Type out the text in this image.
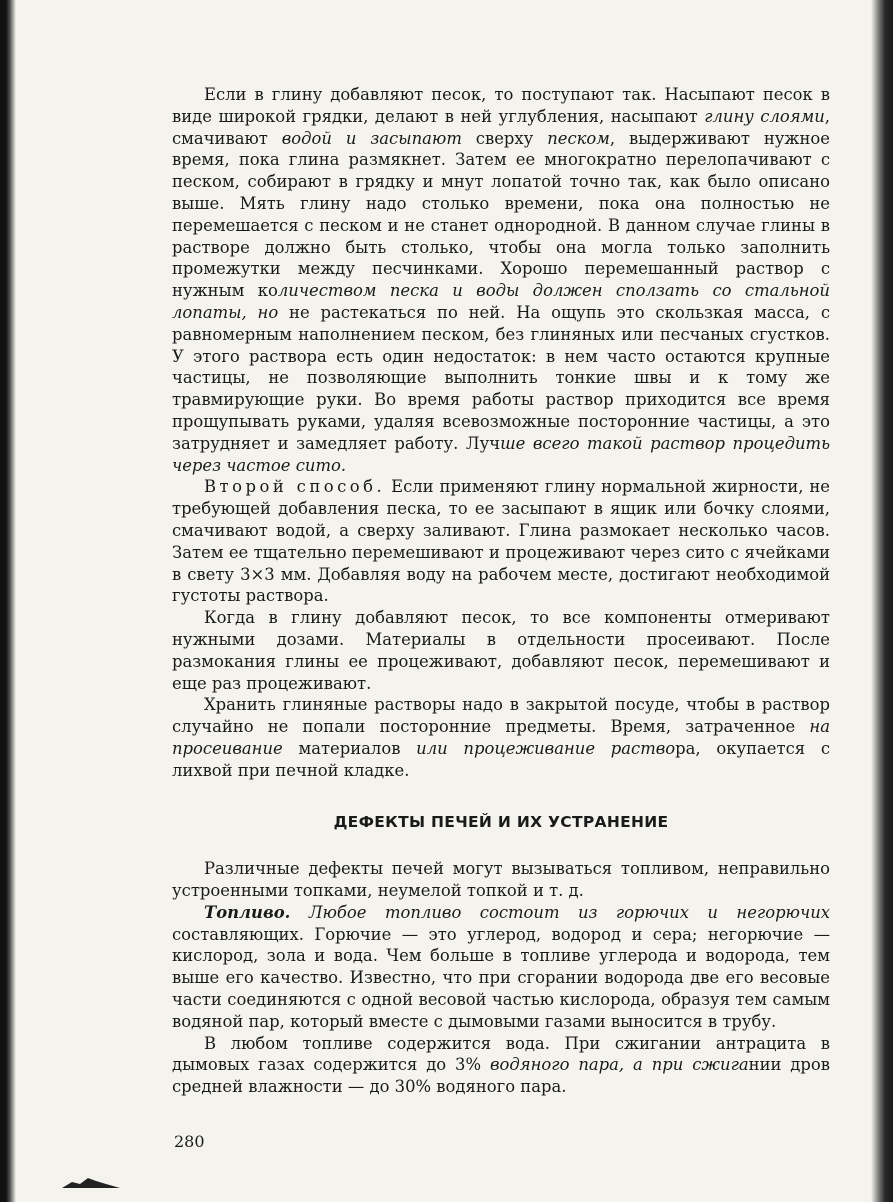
Если в глину добавляют песок, то поступают так. Насыпают песок в виде широкой грядки, делают в ней углубления, насыпают глину слоями, смачивают водой и засыпают сверху песком, выдерживают нужное время, пока глина размякнет. Затем ее многократно перелопачивают с песком, собирают в грядку и мнут лопатой точно так, как было описано выше. Мять глину надо столько времени, пока она полностью не перемешается с песком и не станет однородной. В данном случае глины в растворе должно быть столько, чтобы она могла только заполнить промежутки между песчинками. Хорошо перемешанный раствор с нужным количеством песка и воды должен сползать со стальной лопаты, но не растекаться по ней. На ощупь это скользкая масса, с равномерным наполнением песком, без глиняных или песчаных сгустков. У этого раствора есть один недостаток: в нем часто остаются крупные частицы, не позволяющие выполнить тонкие швы и к тому же травмирующие руки. Во время работы раствор приходится все время прощупывать руками, удаляя всевозможные посторонние частицы, а это затрудняет и замедляет работу. Лучше всего такой раствор процедить через частое сито.

Второй способ. Если применяют глину нормальной жирности, не требующей добавления песка, то ее засыпают в ящик или бочку слоями, смачивают водой, а сверху заливают. Глина размокает несколько часов. Затем ее тщательно перемешивают и процеживают через сито с ячейками в свету 3×3 мм. Добавляя воду на рабочем месте, достигают необходимой густоты раствора.

Когда в глину добавляют песок, то все компоненты отмеривают нужными дозами. Материалы в отдельности просеивают. После размокания глины ее процеживают, добавляют песок, перемешивают и еще раз процеживают.

Хранить глиняные растворы надо в закрытой посуде, чтобы в раствор случайно не попали посторонние предметы. Время, затраченное на просеивание материалов или процеживание раствора, окупается с лихвой при печной кладке.

ДЕФЕКТЫ ПЕЧЕЙ И ИХ УСТРАНЕНИЕ

Различные дефекты печей могут вызываться топливом, неправильно устроенными топками, неумелой топкой и т. д.

Топливо. Любое топливо состоит из горючих и негорючих составляющих. Горючие — это углерод, водород и сера; негорючие — кислород, зола и вода. Чем больше в топливе углерода и водорода, тем выше его качество. Известно, что при сгорании водорода две его весовые части соединяются с одной весовой частью кислорода, образуя тем самым водяной пар, который вместе с дымовыми газами выносится в трубу.

В любом топливе содержится вода. При сжигании антрацита в дымовых газах содержится до 3% водяного пара, а при сжигании дров средней влажности — до 30% водяного пара.

280
